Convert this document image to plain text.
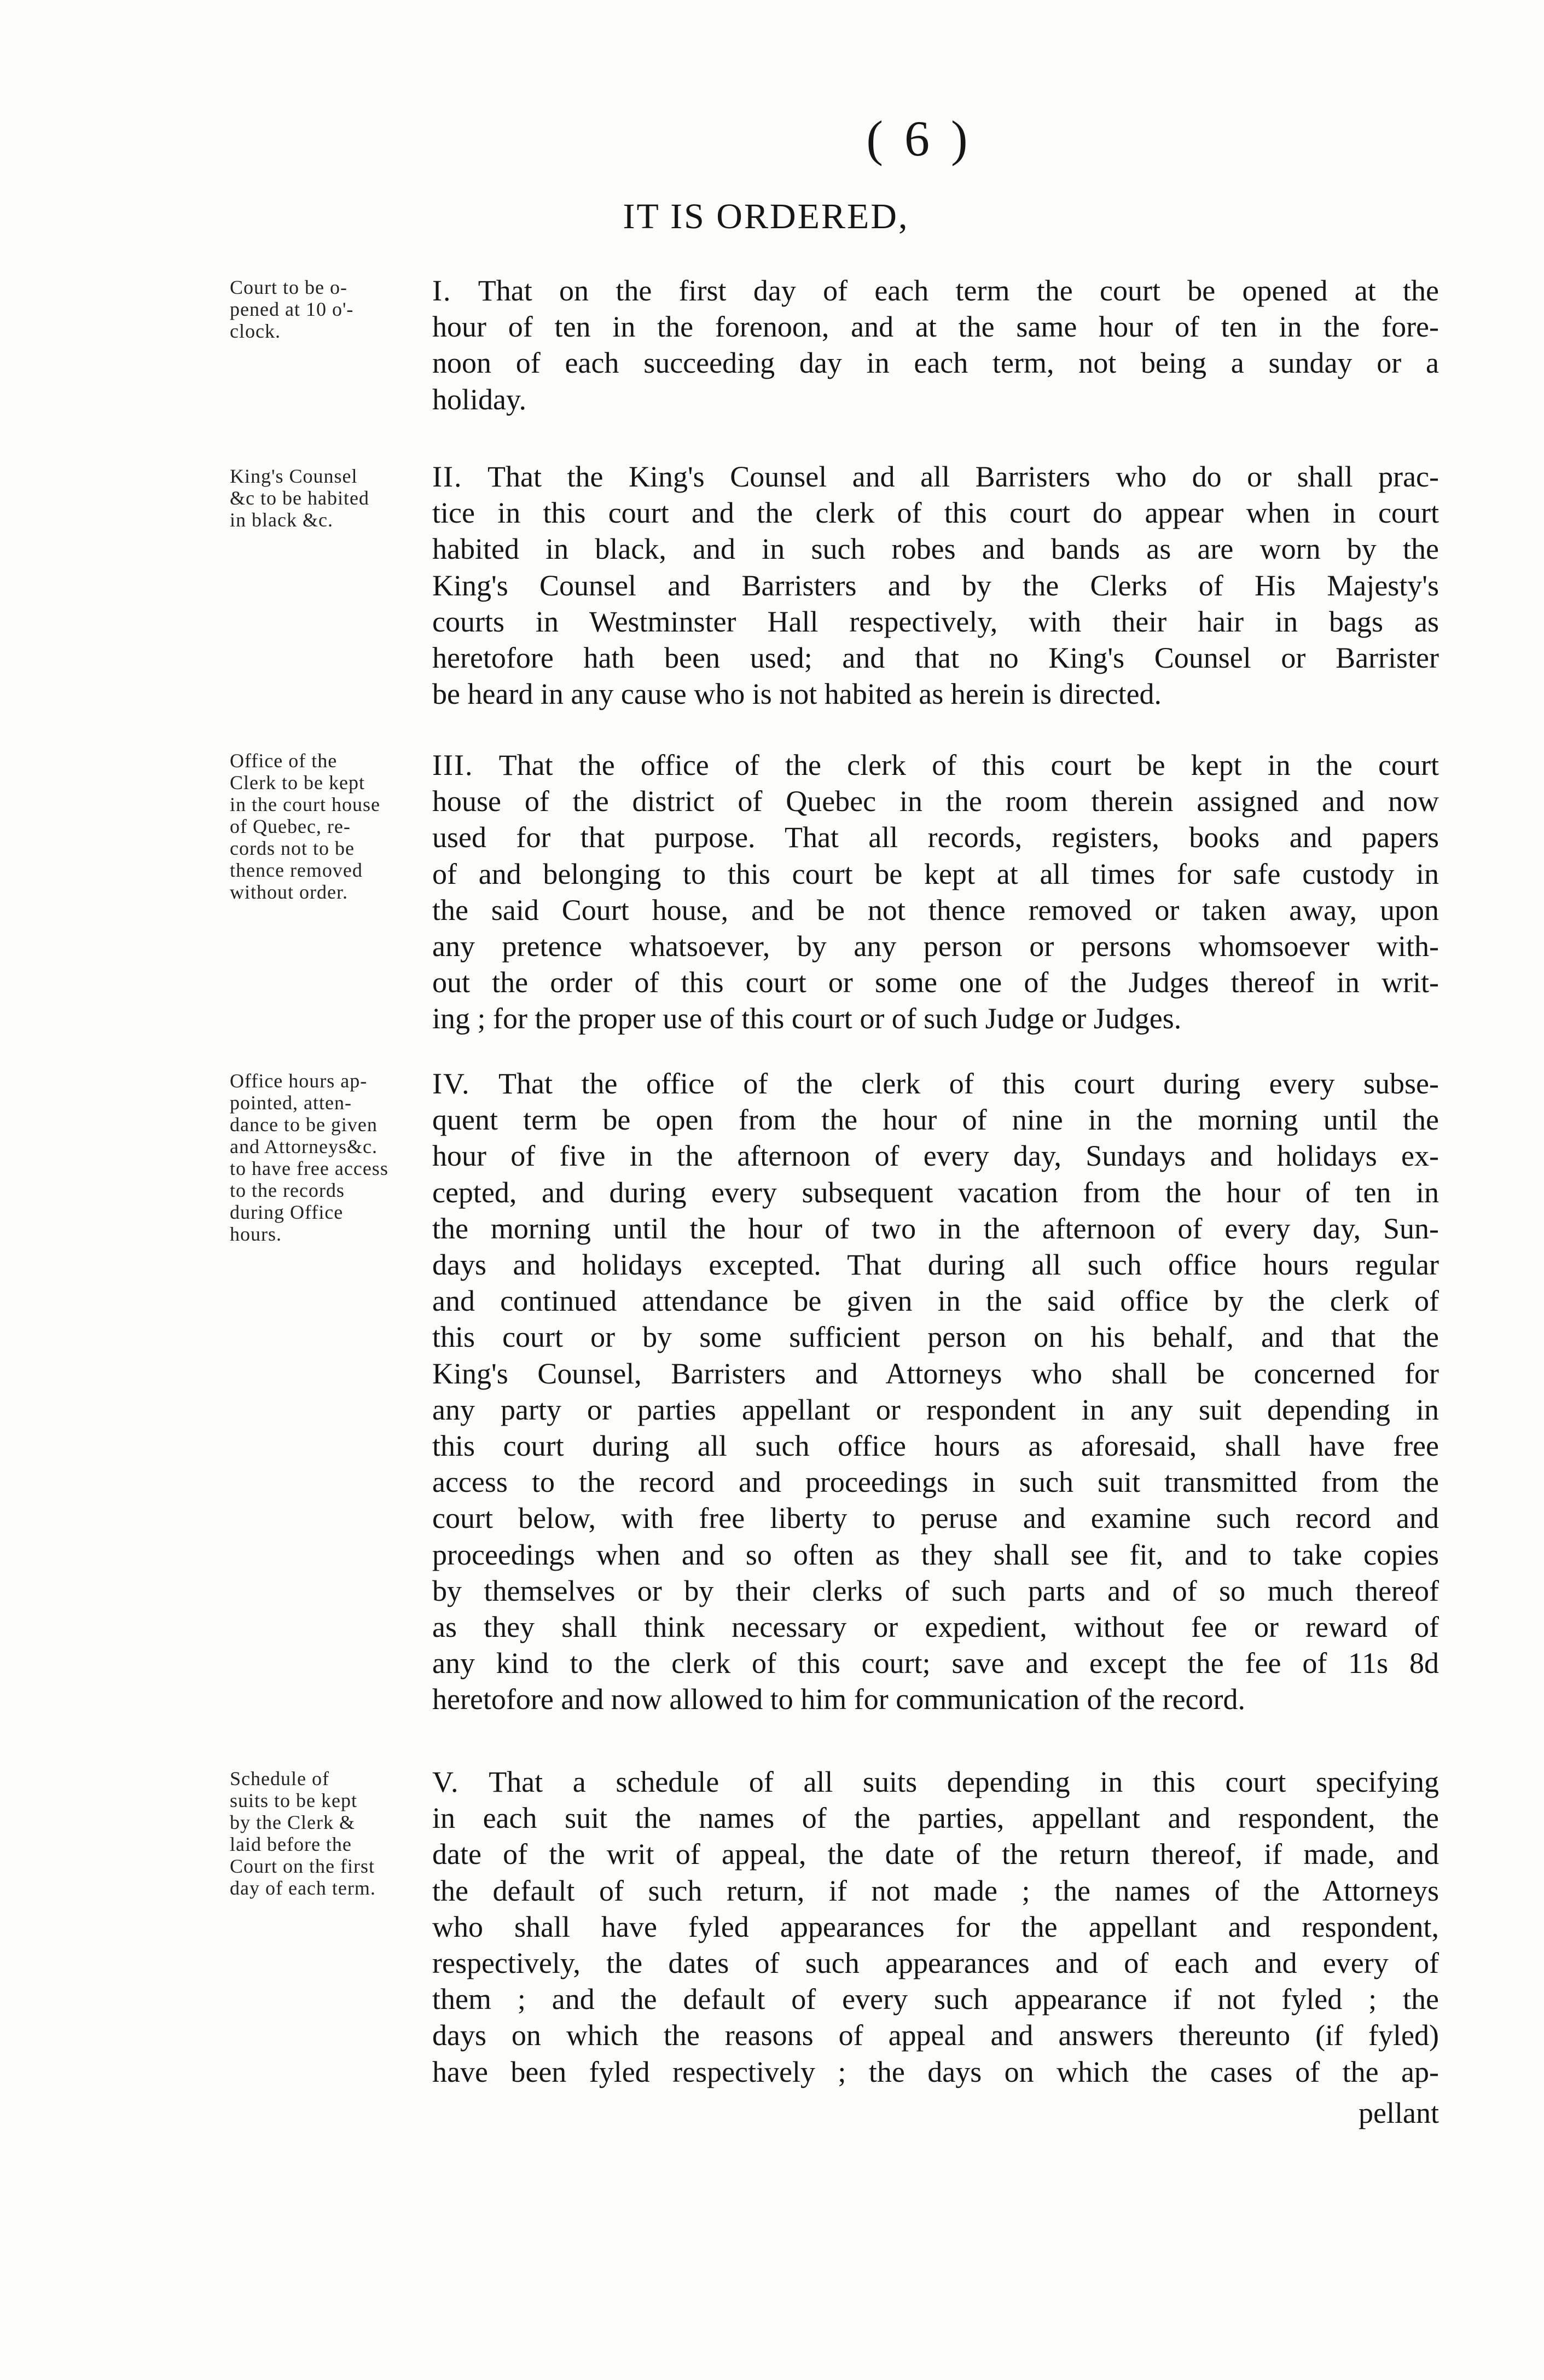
( 6 )
IT IS ORDERED,
Court to be o-
pened at 10 o'-
clock.
I. That on the first day of each term the court be opened at the
hour of ten in the forenoon, and at the same hour of ten in the fore-
noon of each succeeding day in each term, not being a sunday or a
holiday.
King's Counsel
&c to be habited
in black &c.
II. That the King's Counsel and all Barristers who do or shall prac-
tice in this court and the clerk of this court do appear when in court
habited in black, and in such robes and bands as are worn by the
King's Counsel and Barristers and by the Clerks of His Majesty's
courts in Westminster Hall respectively, with their hair in bags as
heretofore hath been used; and that no King's Counsel or Barrister
be heard in any cause who is not habited as herein is directed.
Office of the
Clerk to be kept
in the court house
of Quebec, re-
cords not to be
thence removed
without order.
III. That the office of the clerk of this court be kept in the court
house of the district of Quebec in the room therein assigned and now
used for that purpose. That all records, registers, books and papers
of and belonging to this court be kept at all times for safe custody in
the said Court house, and be not thence removed or taken away, upon
any pretence whatsoever, by any person or persons whomsoever with-
out the order of this court or some one of the Judges thereof in writ-
ing ; for the proper use of this court or of such Judge or Judges.
Office hours ap-
pointed, atten-
dance to be given
and Attorneys&c.
to have free access
to the records
during Office
hours.
IV. That the office of the clerk of this court during every subse-
quent term be open from the hour of nine in the morning until the
hour of five in the afternoon of every day, Sundays and holidays ex-
cepted, and during every subsequent vacation from the hour of ten in
the morning until the hour of two in the afternoon of every day, Sun-
days and holidays excepted. That during all such office hours regular
and continued attendance be given in the said office by the clerk of
this court or by some sufficient person on his behalf, and that the
King's Counsel, Barristers and Attorneys who shall be concerned for
any party or parties appellant or respondent in any suit depending in
this court during all such office hours as aforesaid, shall have free
access to the record and proceedings in such suit transmitted from the
court below, with free liberty to peruse and examine such record and
proceedings when and so often as they shall see fit, and to take copies
by themselves or by their clerks of such parts and of so much thereof
as they shall think necessary or expedient, without fee or reward of
any kind to the clerk of this court; save and except the fee of 11s 8d
heretofore and now allowed to him for communication of the record.
Schedule of
suits to be kept
by the Clerk &
laid before the
Court on the first
day of each term.
V. That a schedule of all suits depending in this court specifying
in each suit the names of the parties, appellant and respondent, the
date of the writ of appeal, the date of the return thereof, if made, and
the default of such return, if not made ; the names of the Attorneys
who shall have fyled appearances for the appellant and respondent,
respectively, the dates of such appearances and of each and every of
them ; and the default of every such appearance if not fyled ; the
days on which the reasons of appeal and answers thereunto (if fyled)
have been fyled respectively ; the days on which the cases of the ap-
pellant
